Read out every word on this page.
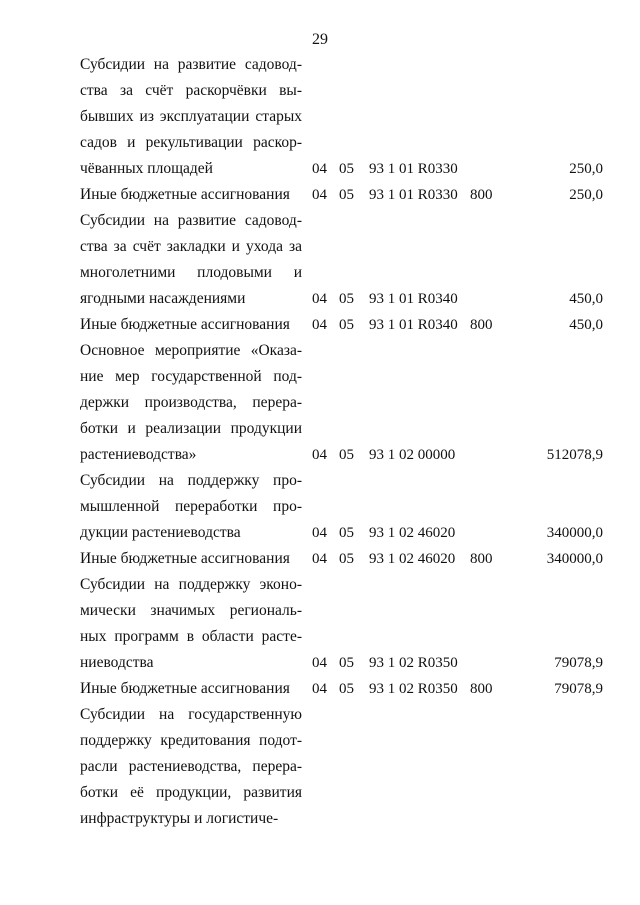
29
Субсидии на развитие садовод-
ства за счёт раскорчёвки вы-
бывших из эксплуатации старых
садов и рекультивации раскор-
чёванных площадей	04 05 93 1 01 R0330	250,0
Иные бюджетные ассигнования	04 05 93 1 01 R0330 800	250,0
Субсидии на развитие садовод-
ства за счёт закладки и ухода за
многолетними плодовыми и
ягодными насаждениями	04 05 93 1 01 R0340	450,0
Иные бюджетные ассигнования	04 05 93 1 01 R0340 800	450,0
Основное мероприятие «Оказа-
ние мер государственной под-
держки производства, перера-
ботки и реализации продукции
растениеводства»	04 05 93 1 02 00000	512078,9
Субсидии на поддержку про-
мышленной переработки про-
дукции растениеводства	04 05 93 1 02 46020	340000,0
Иные бюджетные ассигнования	04 05 93 1 02 46020 800	340000,0
Субсидии на поддержку эконо-
мически значимых региональ-
ных программ в области расте-
ниеводства	04 05 93 1 02 R0350	79078,9
Иные бюджетные ассигнования	04 05 93 1 02 R0350 800	79078,9
Субсидии на государственную
поддержку кредитования подот-
расли растениеводства, перера-
ботки её продукции, развития
инфраструктуры и логистиче-
